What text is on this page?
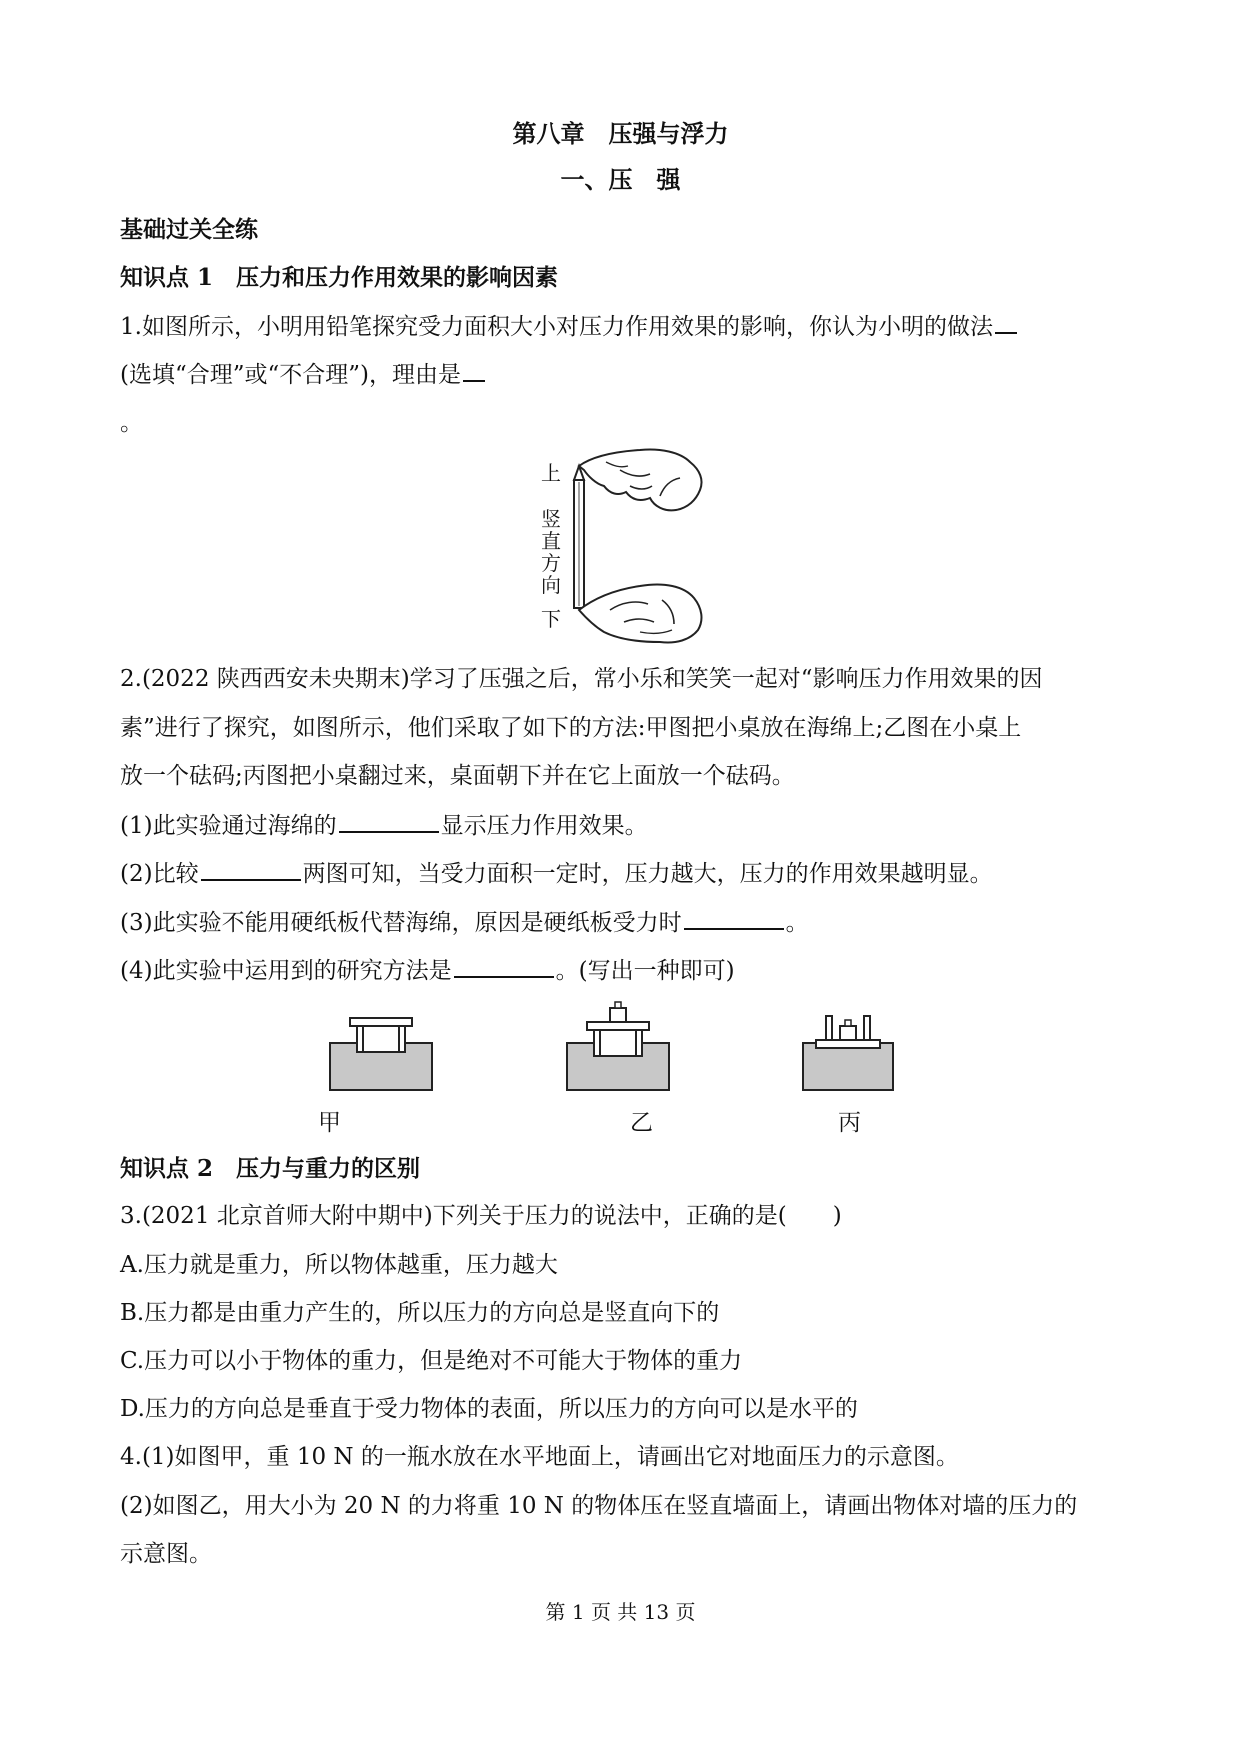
第八章　压强与浮力
一、压　强
基础过关全练
知识点 1　压力和压力作用效果的影响因素
1.如图所示，小明用铅笔探究受力面积大小对压力作用效果的影响，你认为小明的做法
(选填“合理”或“不合理”)，理由是
。
上
竖
直
方
向
下
2.(2022 陕西西安未央期末)学习了压强之后，常小乐和笑笑一起对“影响压力作用效果的因
素”进行了探究，如图所示，他们采取了如下的方法:甲图把小桌放在海绵上;乙图在小桌上
放一个砝码;丙图把小桌翻过来，桌面朝下并在它上面放一个砝码。
(1)此实验通过海绵的	显示压力作用效果。
(2)比较	两图可知，当受力面积一定时，压力越大，压力的作用效果越明显。
(3)此实验不能用硬纸板代替海绵，原因是硬纸板受力时	。
(4)此实验中运用到的研究方法是	。(写出一种即可)
甲	乙	丙
知识点 2　压力与重力的区别
3.(2021 北京首师大附中期中)下列关于压力的说法中，正确的是(　　)
A.压力就是重力，所以物体越重，压力越大
B.压力都是由重力产生的，所以压力的方向总是竖直向下的
C.压力可以小于物体的重力，但是绝对不可能大于物体的重力
D.压力的方向总是垂直于受力物体的表面，所以压力的方向可以是水平的
4.(1)如图甲，重 10 N 的一瓶水放在水平地面上，请画出它对地面压力的示意图。
(2)如图乙，用大小为 20 N 的力将重 10 N 的物体压在竖直墙面上，请画出物体对墙的压力的
示意图。
第 1 页 共 13 页
